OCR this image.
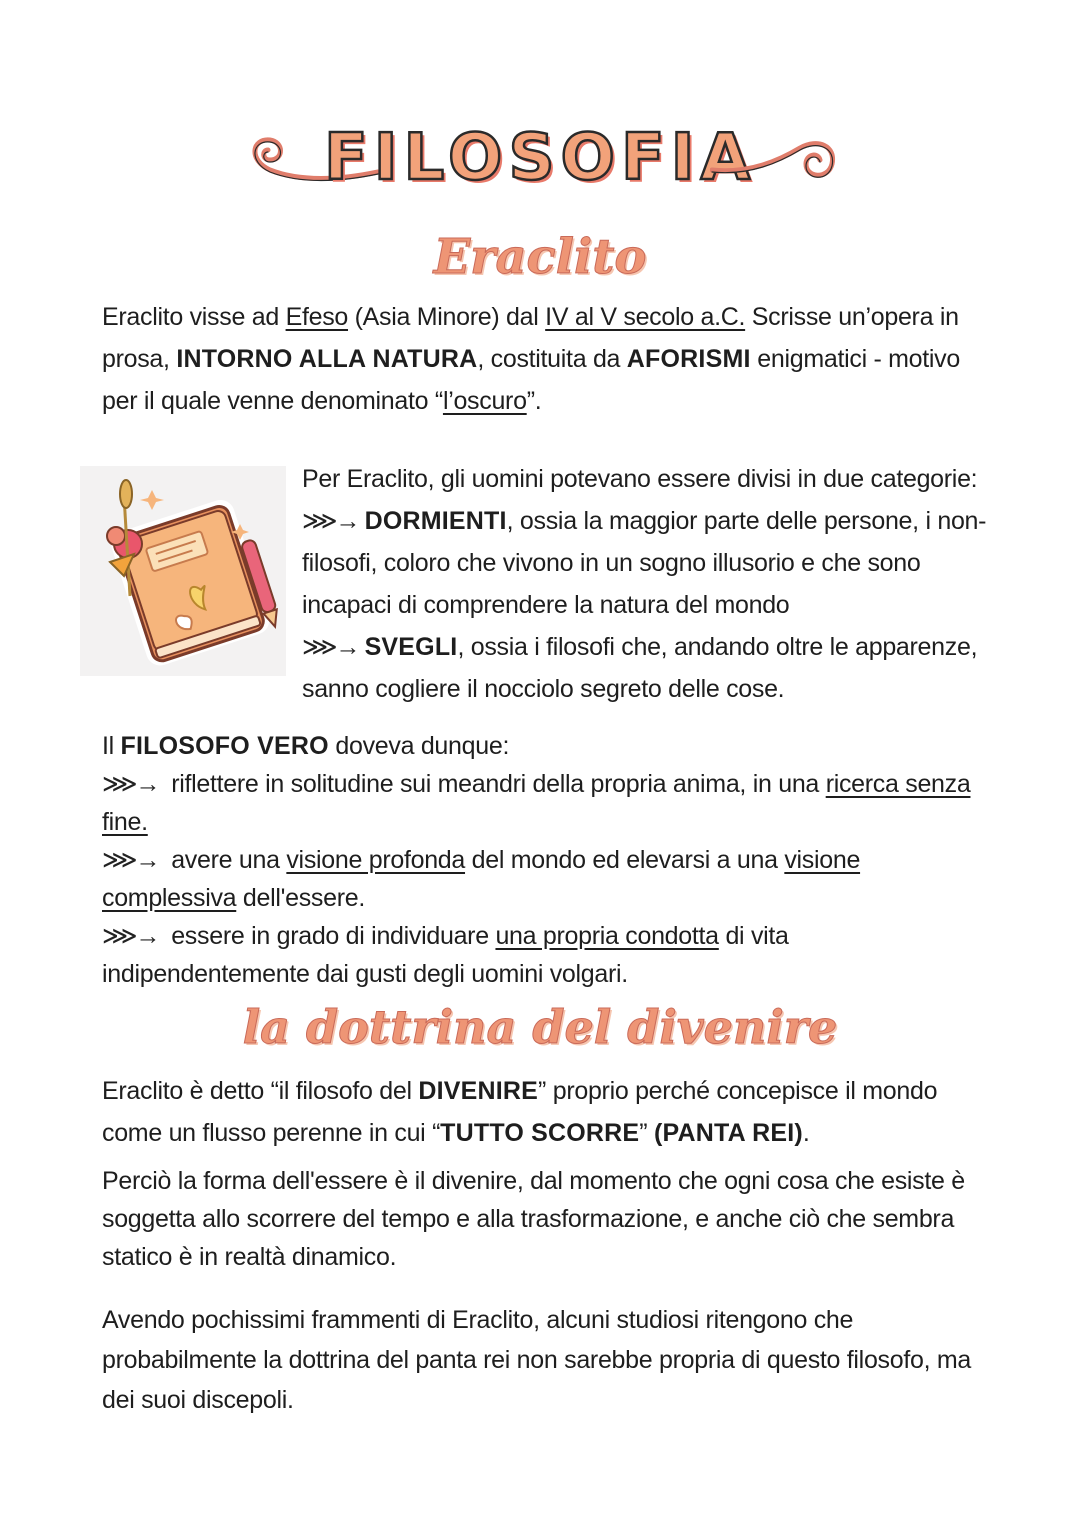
FILOSOFIA
Eraclito

Eraclito visse ad Efeso (Asia Minore) dal IV al V secolo a.C. Scrisse un’opera in prosa, INTORNO ALLA NATURA, costituita da AFORISMI enigmatici - motivo per il quale venne denominato “l’oscuro”.

Per Eraclito, gli uomini potevano essere divisi in due categorie:
⋙→ DORMIENTI, ossia la maggior parte delle persone, i non-filosofi, coloro che vivono in un sogno illusorio e che sono incapaci di comprendere la natura del mondo
⋙→ SVEGLI, ossia i filosofi che, andando oltre le apparenze, sanno cogliere il nocciolo segreto delle cose.
Il FILOSOFO VERO doveva dunque:
⋙→ riflettere in solitudine sui meandri della propria anima, in una ricerca senza fine.
⋙→ avere una visione profonda del mondo ed elevarsi a una visione complessiva dell'essere.
⋙→ essere in grado di individuare una propria condotta di vita indipendentemente dai gusti degli uomini volgari.
la dottrina del divenire

Eraclito è detto “il filosofo del DIVENIRE” proprio perché concepisce il mondo come un flusso perenne in cui “TUTTO SCORRE” (PANTA REI).

Perciò la forma dell'essere è il divenire, dal momento che ogni cosa che esiste è soggetta allo scorrere del tempo e alla trasformazione, e anche ciò che sembra statico è in realtà dinamico.

Avendo pochissimi frammenti di Eraclito, alcuni studiosi ritengono che probabilmente la dottrina del panta rei non sarebbe propria di questo filosofo, ma dei suoi discepoli.
